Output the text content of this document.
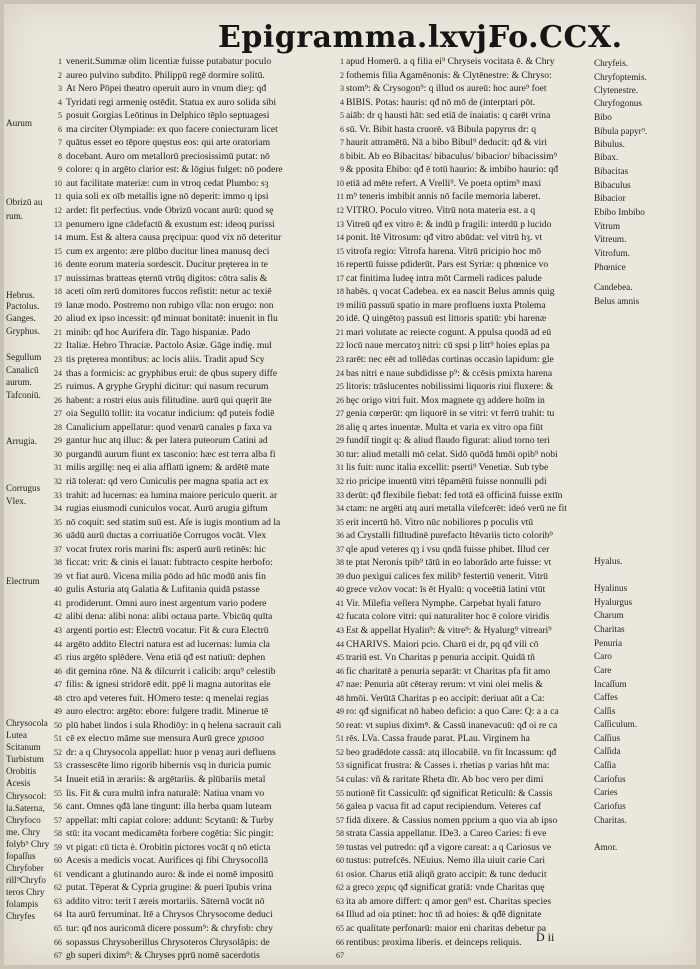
Epigramma.lxvj.
Fo.CCX.
Aurum
Obrizū au
rum.
Hebrus.
Pactolus.
Ganges.
Gryphus.
Segullum
Canalicū
aurum.
Tafconiū.
Arrugia.
Corrugus
Vlex.
Electrum
Chrysocola
Lutea
Scitanum
Turbistum
Orobitis
Acesis
Chrysocol:
la.Saterna,
Chryfoco
me. Chry
folyb⁹ Chry
fopaſſus
Chryfober
rill⁹Chryfo
teros Chry
folampis
Chryfes
1 venerit.Summæ olim licentiæ fuisse putabatur poculo
2 aureo pulvino subdito. Philippū regē dormire solitū.
3 At Nero Pōpei theatro operuit auro in vnum dieȝ: qđ
4 Tyridati regi armenię ostēdit. Statua ex auro solida sibi
5 posuit Gorgias Leōtinus in Delphico tēplo septuagesi
6 ma circiter Olympiade: ex quo facere coniecturam licet
7 quātus esset eo tēpore quęstus eos: qui arte oratoriam
8 docebant. Auro om metallorū preciosissimū putat: nō
9 colore: q in argēto clarior est: & lōgius fulget: nō podere
10 aut facilitate materiæ: cum in vtroq cedat Plumbo: sȝ
11 quia soli ex oīb metallis igne nō deperit: immo q ipsi
12 ardet: fit perfectius. vnde Obrizū vocant aurū: quod sę
13 penumero igne cādefactū & exustum est: ideoq purissi
14 mum. Est & altera causa pręcipua: quod vix nō deteritur
15 cum ex argento: ære plūbo ducitur linea manusq deci
16 dente eorum materia sordescit. Ducitur pręterea in te
17 nuissimas bratteas ęternū vtrūq digitos: cōtra salis &
18 aceti oīm rerū domitores fuccos refistit: netur ac texiē
19 lanæ modo. Postremo non rubigo vlla: non erugo: non
20 aliud ex ipso incessit: qđ minuat bonitatē: inuenit in flu
21 minib: qđ hoc Aurifera dīr. Tago hispaniæ. Pado
22 Italiæ. Hebro Thraciæ. Pactolo Asiæ. Gāge indię. mul
23 tis pręterea montibus: ac locis aliis. Tradit apud Scy
24 thas a formicis: ac gryphibus erui: de qbus supery diffe
25 ruimus. A gryphe Gryphi dicitur: qui nasum recurum
26 habent: a rostri eius auis filitudine. aurū qui quęrit āte
27 oia Segullū tollit: ita vocatur indicium: qđ puteis fodiē
28 Canalicium appellatur: quod venarū canales p faxa va
29 gantur huc atq illuc: & per latera puteorum Catini ad
30 purgandū aurum fiunt ex tasconio: hæc est terra alba fi
31 milis argillę: neq ei alia afflatū ignem: & ardētē mate
32 riā tolerat: qd vero Cuniculis per magna spatia act ex
33 trahit: ad lucernas: ea lumina maiore periculo querit. ar
34 rugias eiusmodi cuniculos vocat. Aurū arugia giftum
35 nō coquit: sed statim suū est. Aſe is iugis montium ad la
36 uādū aurū ductas a corriuatiōe Corrugos vocāt. Vlex
37 vocat frutex roris marini fīs: asperū aurū retinēs: hic
38 ficcat: vrit: & cinis ei lauat: fubtracto cespite herbofo:
39 vt fiat aurū. Vicena milia pōdo ad hūc modū anis fin
40 gulis Asturia atq Galatia & Lufitania quidā pstasse
41 prodiderunt. Omni auro inest argentum vario podere
42 alibi dena: alibi nona: alibi octaua parte. Vbicūq quīta
43 argenti portio est: Electrū vocatur. Fit & cura Electrū
44 argēto addito Electri natura est ad lucernas: lumia cla
45 rius argēto splēdere. Vena etiā qđ est natiuū: dephen
46 dit gemina rōne. Nā & dilcurrit i calicib: arqu⁹ celestib
47 filis: & ignesi stridorē edit. ppē li magna autoritas ele
48 ctro apd veteres fuit. HOmero teste: q menelai regias
49 auro electro: argēto: ebore: fulgere tradit. Minerue tē
50 plū habet lindos i sula Rhodiōy: in q helena sacrauit cali
51 cē ex electro māme sue mensura Aurū grece χρισoσ
52 dr: a q Chrysocola appellat: huor p venaȝ auri defluens
53 crassescēte limo rigorib hibernis vsq in duricia pumic
54 Inueit etiā in ærariis: & argētariis. & plūbariis metal
55 lis. Fit & cura multū infra naturalē: Natiua vnam vo
56 cant. Omnes qđā lane tingunt: illa herba quam luteam
57 appellat: mlti capiat colore: addunt: Scytanū: & Turby
58 stū: ita vocant medicamēta forbere cogētia: Sic pingit:
59 vt pigat: cū ticta è. Orobitin pictores vocāt q nō eticta
60 Acesis a medicis vocat. Aurifices qi fibi Chrysocollā
61 vendicant a glutinando auro: & inde ei nomē impositū
62 putat. Tēperat & Cypria grugine: & pueri īpubis vrina
63 addito vitro: terit ī æreis mortariis. Sāternā vocāt nō
64 Ita aurū ferruminat. Itē a Chrysos Chrysocome deduci
65 tur: qđ nos auricomā dicere possum⁹: & chryfob: chry
66 sopassus Chrysoberillus Chrysoteros Chrysolāpis: de
67 gb superi dixim⁹: & Chryses pprū nomē sacerdotis
1 apud Homerū. a q filia ei⁹ Chryseis vocitata ē. & Chry
2 fothemis filia Agamēnonis: & Clytēnestre: & Chryso:
3 stom⁹: & Crysogon⁹: q illud os aureū: hoc aure⁹ foet
4 BIBIS. Potas: hauris: qđ nō mō de (interptari pōt.
5 aiāb: dr q hausti hāt: sed etiā de inaiatis: q carēt vrina
6 sū. Vr. Bibit hasta cruorē. vā Bibula papyrus dr: q
7 haurit attramētū. Nā a bibo Bibul⁹ deducit: qđ & viri
8 bibit. Ab eo Bibacitas/ bibaculus/ bibacior/ bibacissim⁹
9 & pposita Ebibo: qđ ē totū haurio: & imbibo haurio: qđ
10 etiā ad mēte refert. A Vrelli⁹. Ve poeta optim⁹ maxi
11 m⁹ teneris imbibit annis nō facile memoria laberet.
12 VITRO. Poculo vitreo. Vitrū nota materia est. a q
13 Vitreū qđ ex vitro ē: & indū p fragili: interdū p lucido
14 ponit. Itē Vitrosum: qđ vitro abūdat: vel vitrū hȝ. vt
15 vitrofa regio: Vitrofa harena. Vitrū pricipio hoc mō
16 repertū fuisse pdiderūt. Pars est Syriæ: q phœnice vo
17 cat finitima Iudeę intra mōt Carmeli radices palude
18 habēs. q vocat Cadebea. ex ea nascit Belus amnis quig
19 miliū passuū spatio in mare profluens iuxta Ptolema
20 idē. Q uingētoȝ passuū est littoris spatiū: ybi harenæ
21 mari volutate ac reiecte cogunt. A ppulsa quodā ad eū
22 locū naue mercatoȝ nitri: cū spsi p litt⁹ hoies eplas pa
23 rarēt: nec eēt ad tollēdas cortinas occasio lapidum: gle
24 bas nitri e naue subdidisse p⁹: & ccēsis pmixta harena
25 litoris: trāslucentes nobilissimi liquoris riui fluxere: &
26 hęc origo vitri fuit. Mox magnete qȝ addere hoīm in
27 genia cœperūt: qm liquorē in se vitri: vt ferrū trahit: tu
28 alię q artes inuentæ. Multa et varia ex vitro opa fiūt
29 fundit̄ tingit q: & aliud flaudo figurat: aliud torno teri
30 tur: aliud metalli mō celat. Sidō quōdā hmōi opib⁹ nobi
31 lis fuit: nunc italia excellit: pserti⁹ Venetiæ. Sub tybe
32 rio pricipe inuentū vitri tēpamētū fuisse nonnulli pdi
33 derūt: qđ flexibile fiebat: fed totā eā officinā fuisse extīn
34 ctam: ne argēti atq auri metalla vilefcerēt: ideó verū ne fit
35 erit incertū hō. Vitro nūc nobiliores p poculis vtū
36 ad Crystalli fiīltudinē purefacto Itēvariis ticto colorib⁹
37 qle apud veteres qȝ i vsu qndā fuisse phibet. Illud cer
38 te ptat Neronis tpib⁹ tātū in eo laborādo arte fuisse: vt
39 duo pexigui calices fex milib⁹ festertiū venerit. Vitrū
40 grece vɛλoν vocat: īs ēt Hyalū: q voceētiā latini vtūt
41 Vir. Milefia vellera Nymphe. Carpebat hyali faturo
42 fucata colore vitri: qui naturaliter hoc ē colore viridis
43 Est & appellat Hyalin⁹: & vitre⁹: & Hyalurg⁹ vitreari⁹
44 CHARIVS. Maiori pcio. Charū ei dr, pq qđ vili cō
45 trariū est. Vn Charitas p penuria accipit. Quidā tñ
46 fic charitatē a penuria separāt: vt Charitas pfa fit amo
47 nae: Penuria aūt cēteray rerum: vt vini olei melis &
48 hmōi. Verūtā Charitas p eo accipit: deriuat aūt a Ca:
49 ro: qđ significat nō habeo deficio: a quo Care: Q: a a ca
50 reat: vt supius diximꝰ. & Cassū inanevacuū: qđ oi re ca
51 rēs. LVa. Cassa fraude parat. PLau. Virginem ha
52 beo gradēdote cassā: atq illocabilē. vn fit Incassum: qđ
53 significat frustra: & Casses i. rhetias p varias hñt ma:
54 culas: vñ & raritate Rheta dīr. Ab hoc vero per dimi
55 nutionē fit Cassiculū: qđ significat Reticulū: & Cassis
56 galea p vacua fit ad caput recipiendum. Veteres caf
57 fidā dixere. & Cassius nomen pprium a quo via ab ipso
58 strata Cassia appellatur. IDe3. a Careo Caries: fi eve
59 tustas vel putredo: qđ a vigore careat: a q Cariosus ve
60 tustus: putrefcēs. NEuius. Nemo illa uiuit carie Cari
61 osior. Charus etiā aliqñ grato accipit: & tunc deducit
62 a greco χερις qđ significat gratiā: vnde Charitas quę
63 ita ab amore differt: q amor gen⁹ est. Charitas species
64 Illud ad oia ptinet: hoc tñ ad hoies: & qđē dignitate
65 ac qualitate perfonarū: maior eni charitas debetur pa
66 rentibus: proxima liberis. et deinceps reliquis.
67
Chryfeis.
Chryfoptemis.
Clytenestre.
Chryfogonus
Bibo
Bibula papyr⁹.
Bibulus.
Bibax.
Bibacitas
Bibaculus
Bibacior
Ebibo Imbibo
Vitrum
Vitreum.
Vitrofum.
Phœnice
Candebea.
Belus amnis
Hyalus.
Hyalinus
Hyalurgus
Charum
Charitas
Penuria
Caro
Care
Incaſſum
Caffes
Caſſis
Caſſiculum.
Caſſius
Caſſida
Caſſia
Cariofus
Caries
Cariofus
Charitas.
Amor.
D ii
